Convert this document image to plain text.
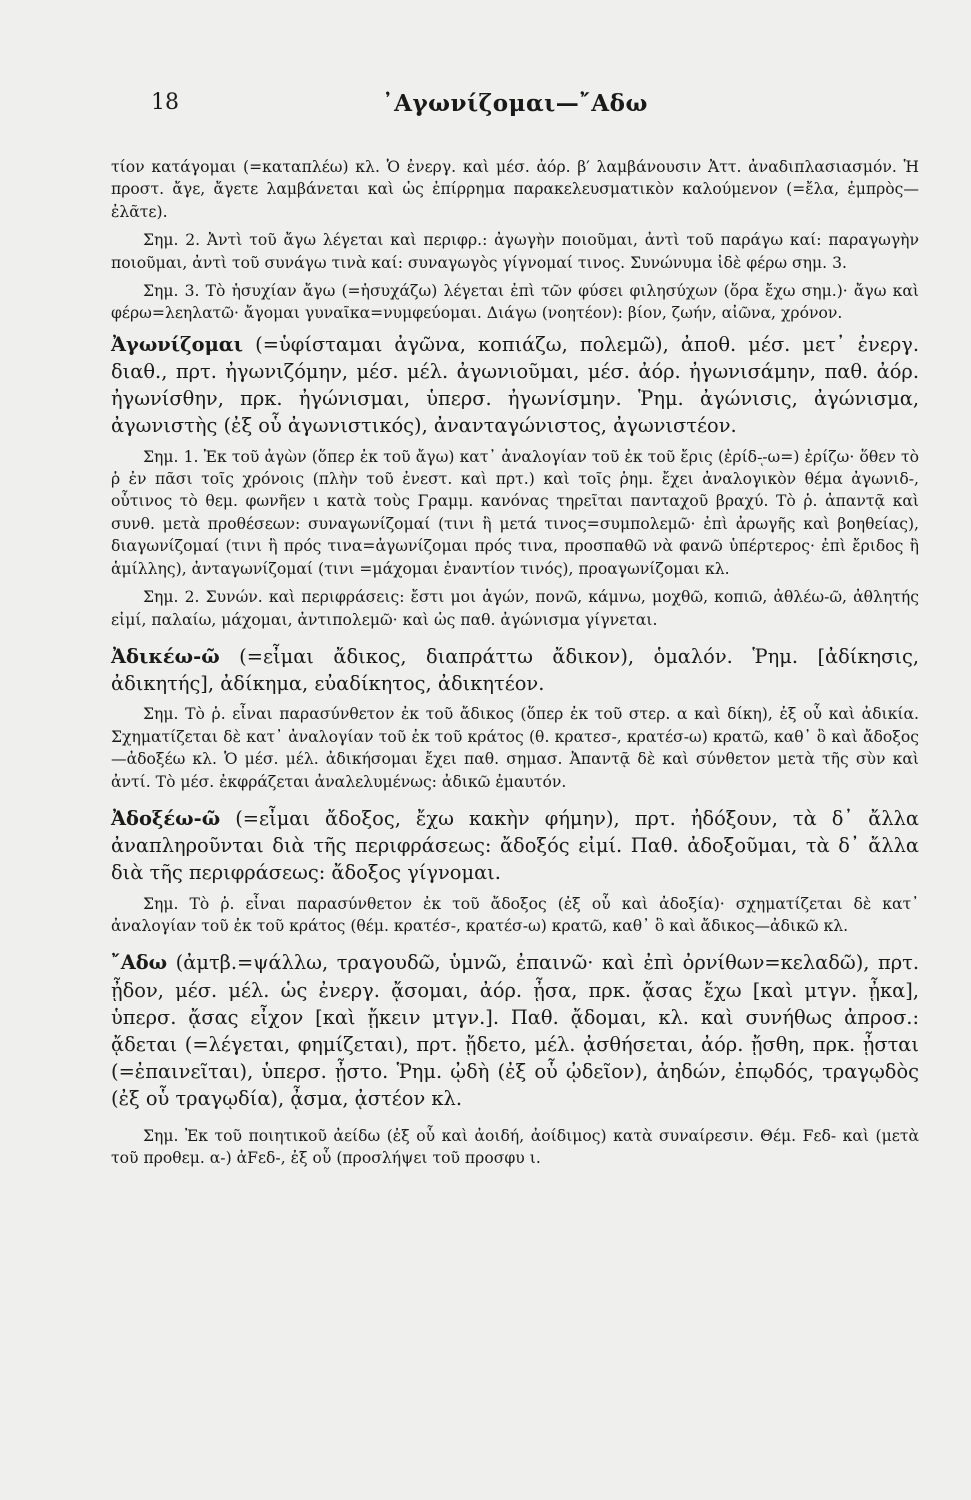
18	᾽Αγωνίζομαι—῎Αδω

τίον κατάγομαι (=καταπλέω) κλ. Ὁ ἐνεργ. καὶ μέσ. ἀόρ. β′ λαμβάνουσιν Ἀττ. ἀναδιπλασιασμόν. Ἡ προστ. ἄγε, ἄγετε λαμβάνεται καὶ ὡς ἐπίρρημα παρακελευσματικὸν καλούμενον (=ἔλα, ἐμπρὸς—ἐλᾶτε).

Σημ. 2. Ἀντὶ τοῦ ἄγω λέγεται καὶ περιφρ.: ἀγωγὴν ποιοῦμαι, ἀντὶ τοῦ παράγω καί: παραγωγὴν ποιοῦμαι, ἀντὶ τοῦ συνάγω τινὰ καί: συναγωγὸς γίγνομαί τινος. Συνώνυμα ἰδὲ φέρω σημ. 3.

Σημ. 3. Τὸ ἡσυχίαν ἄγω (=ἡσυχάζω) λέγεται ἐπὶ τῶν φύσει φιλησύχων (ὅρα ἔχω σημ.)· ἄγω καὶ φέρω=λεηλατῶ· ἄγομαι γυναῖκα=νυμφεύομαι. Διάγω (νοητέον): βίον, ζωήν, αἰῶνα, χρόνον.

Ἀγωνίζομαι (=ὑφίσταμαι ἀγῶνα, κοπιάζω, πολεμῶ), ἀποθ. μέσ. μετ᾽ ἐνεργ. διαθ., πρτ. ἠγωνιζόμην, μέσ. μέλ. ἀγωνιοῦμαι, μέσ. ἀόρ. ἠγωνισάμην, παθ. ἀόρ. ἠγωνίσθην, πρκ. ἠγώνισμαι, ὑπερσ. ἠγωνίσμην. Ῥημ. ἀγώνισις, ἀγώνισμα, ἀγωνιστὴς (ἐξ οὗ ἀγωνιστικός), ἀνανταγώνιστος, ἀγωνιστέον.

Σημ. 1. Ἐκ τοῦ ἀγὼν (ὅπερ ἐκ τοῦ ἄγω) κατ᾽ ἀναλογίαν τοῦ ἐκ τοῦ ἔρις (ἐρίδ-ͅ-ω=) ἐρίζω· ὅθεν τὸ ῥ ἐν πᾶσι τοῖς χρόνοις (πλὴν τοῦ ἐνεστ. καὶ πρτ.) καὶ τοῖς ῥημ. ἔχει ἀναλογικὸν θέμα ἀγωνιδ-, οὗτινος τὸ θεμ. φωνῆεν ι κατὰ τοὺς Γραμμ. κανόνας τηρεῖται πανταχοῦ βραχύ. Τὸ ῥ. ἀπαντᾷ καὶ συνθ. μετὰ προθέσεων: συναγωνίζομαί (τινι ἢ μετά τινος=συμπολεμῶ· ἐπὶ ἀρωγῆς καὶ βοηθείας), διαγωνίζομαί (τινι ἢ πρός τινα=ἀγωνίζομαι πρός τινα, προσπαθῶ νὰ φανῶ ὑπέρτερος· ἐπὶ ἔριδος ἢ ἁμίλλης), ἀνταγωνίζομαί (τινι =μάχομαι ἐναντίον τινός), προαγωνίζομαι κλ.

Σημ. 2. Συνών. καὶ περιφράσεις: ἔστι μοι ἀγών, πονῶ, κάμνω, μοχθῶ, κοπιῶ, ἀθλέω-ῶ, ἀθλητής εἰμί, παλαίω, μάχομαι, ἀντιπολεμῶ· καὶ ὡς παθ. ἀγώνισμα γίγνεται.

Ἀδικέω-ῶ (=εἶμαι ἄδικος, διαπράττω ἄδικον), ὁμαλόν. Ῥημ. [ἀδίκησις, ἀδικητής], ἀδίκημα, εὐαδίκητος, ἀδικητέον.

Σημ. Τὸ ῥ. εἶναι παρασύνθετον ἐκ τοῦ ἄδικος (ὅπερ ἐκ τοῦ στερ. α καὶ δίκη), ἐξ οὗ καὶ ἀδικία. Σχηματίζεται δὲ κατ᾽ ἀναλογίαν τοῦ ἐκ τοῦ κράτος (θ. κρατεσ-, κρατέσ-ω) κρατῶ, καθ᾽ ὃ καὶ ἄδοξος—ἀδοξέω κλ. Ὁ μέσ. μέλ. ἀδικήσομαι ἔχει παθ. σημασ. Ἀπαντᾷ δὲ καὶ σύνθετον μετὰ τῆς σὺν καὶ ἀντί. Τὸ μέσ. ἐκφράζεται ἀναλελυμένως: ἀδικῶ ἐμαυτόν.

Ἀδοξέω-ῶ (=εἶμαι ἄδοξος, ἔχω κακὴν φήμην), πρτ. ἠδόξουν, τὰ δ᾽ ἄλλα ἀναπληροῦνται διὰ τῆς περιφράσεως: ἄδοξός εἰμί. Παθ. ἀδοξοῦμαι, τὰ δ᾽ ἄλλα διὰ τῆς περιφράσεως: ἄδοξος γίγνομαι.

Σημ. Τὸ ῥ. εἶναι παρασύνθετον ἐκ τοῦ ἄδοξος (ἐξ οὗ καὶ ἀδοξία)· σχηματίζεται δὲ κατ᾽ ἀναλογίαν τοῦ ἐκ τοῦ κράτος (θέμ. κρατέσ-, κρατέσ-ω) κρατῶ, καθ᾽ ὃ καὶ ἄδικος—ἀδικῶ κλ.

῎Αδω (ἀμτβ.=ψάλλω, τραγουδῶ, ὑμνῶ, ἐπαινῶ· καὶ ἐπὶ ὀρνίθων=κελαδῶ), πρτ. ᾖδον, μέσ. μέλ. ὡς ἐνεργ. ᾄσομαι, ἀόρ. ᾖσα, πρκ. ᾄσας ἔχω [καὶ μτγν. ᾖκα], ὑπερσ. ᾄσας εἶχον [καὶ ᾔκειν μτγν.]. Παθ. ᾄδομαι, κλ. καὶ συνήθως ἀπροσ.: ᾄδεται (=λέγεται, φημίζεται), πρτ. ᾔδετο, μέλ. ᾀσθήσεται, ἀόρ. ᾔσθη, πρκ. ᾖσται (=ἐπαινεῖται), ὑπερσ. ᾖστο. Ῥημ. ᾠδὴ (ἐξ οὗ ᾠδεῖον), ἀηδών, ἐπῳδός, τραγῳδὸς (ἐξ οὗ τραγῳδία), ᾆσμα, ᾀστέον κλ.

Σημ. Ἐκ τοῦ ποιητικοῦ ἀείδω (ἐξ οὗ καὶ ἀοιδή, ἀοίδιμος) κατὰ συναίρεσιν. Θέμ. Fεδ- καὶ (μετὰ τοῦ προθεμ. α-) ἀFεδ-, ἐξ οὗ (προσλήψει τοῦ προσφυ ι.
